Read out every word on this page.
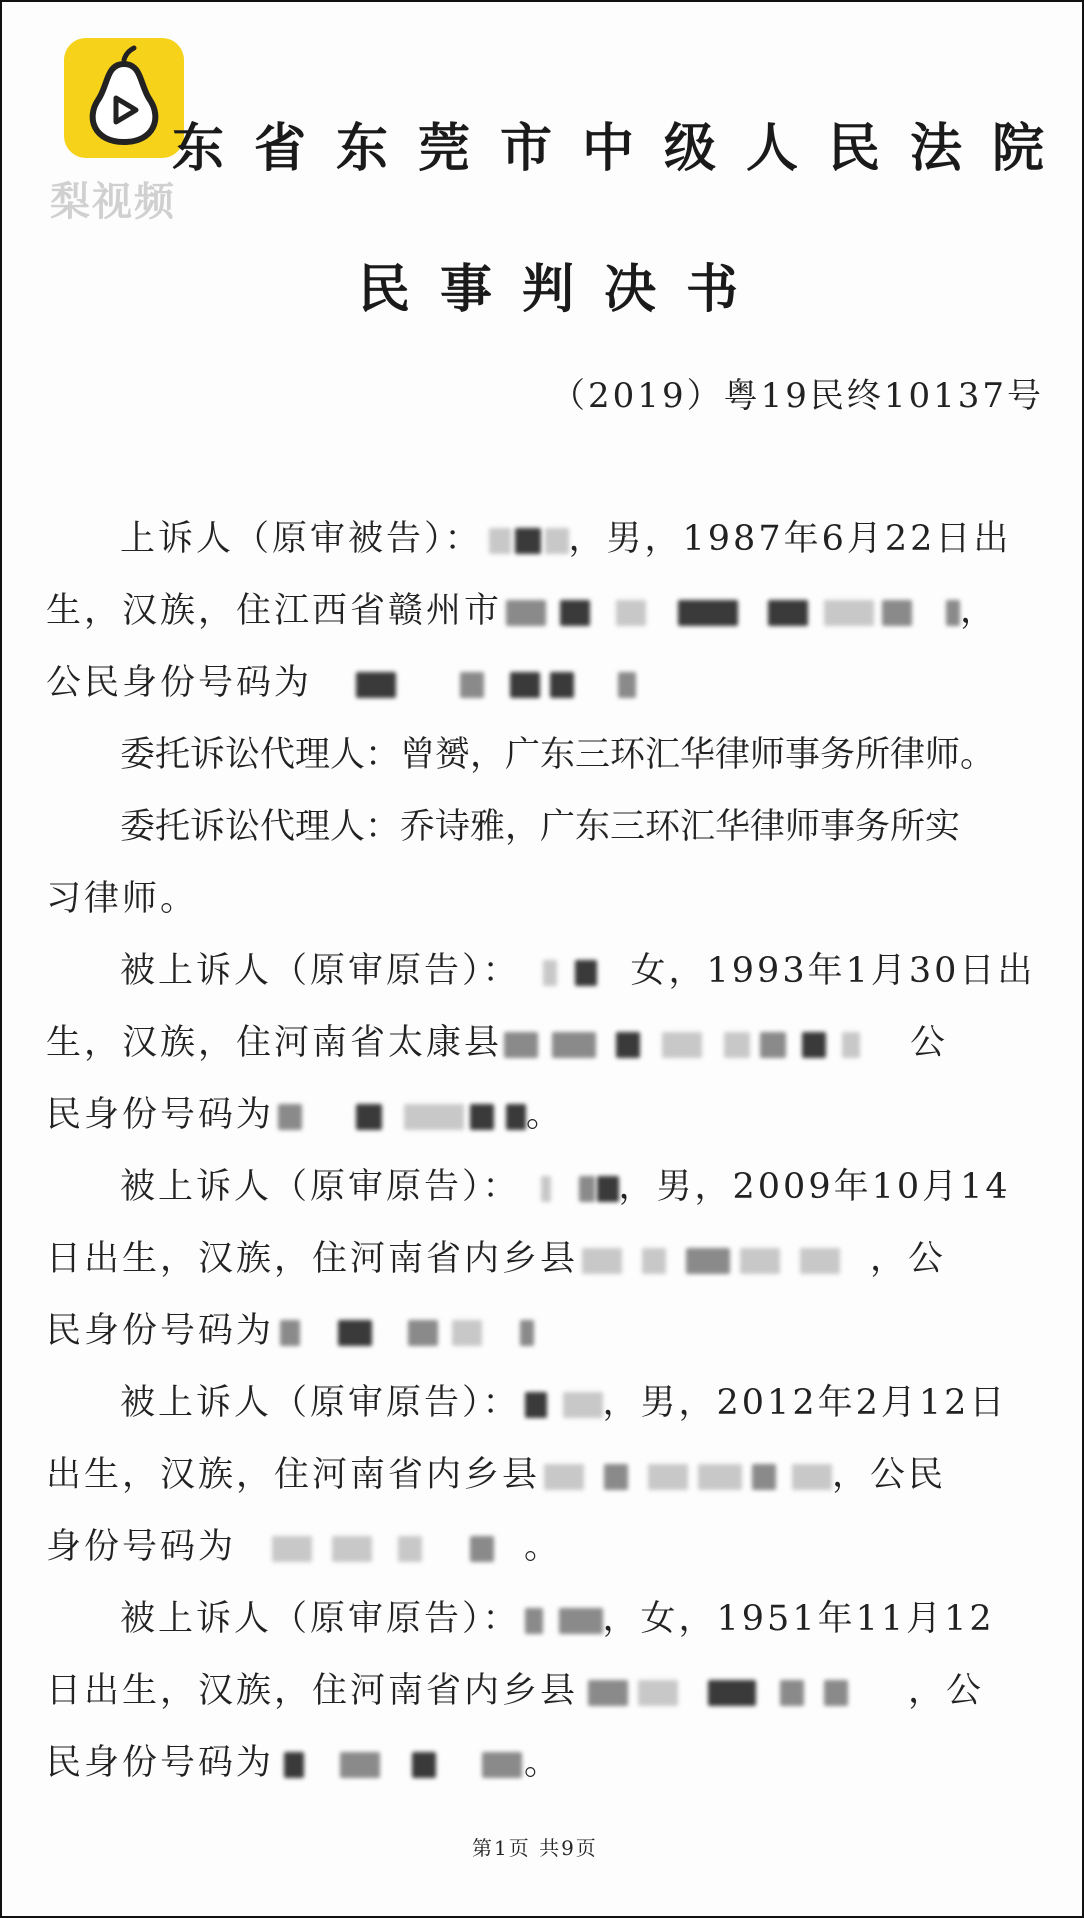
梨视频
东省东莞市中级人民法院
民事判决书
（2019）粤19民终10137号
上诉人（原审被告）： ，男，1987年6月22日出
生，汉族，住江西省赣州市	，
公民身份号码为
委托诉讼代理人：曾赟，广东三环汇华律师事务所律师。
委托诉讼代理人：乔诗雅，广东三环汇华律师事务所实
习律师。
被上诉人（原审原告）：	女，1993年1月30日出
生，汉族，住河南省太康县	公
民身份号码为	。
被上诉人（原审原告）：	，男，2009年10月14
日出生，汉族，住河南省内乡县	，公
民身份号码为
被上诉人（原审原告）： ，男，2012年2月12日
出生，汉族，住河南省内乡县	，公民
身份号码为	。
被上诉人（原审原告）： ，女，1951年11月12
日出生，汉族，住河南省内乡县	，公
民身份号码为	。
第1页 共9页
